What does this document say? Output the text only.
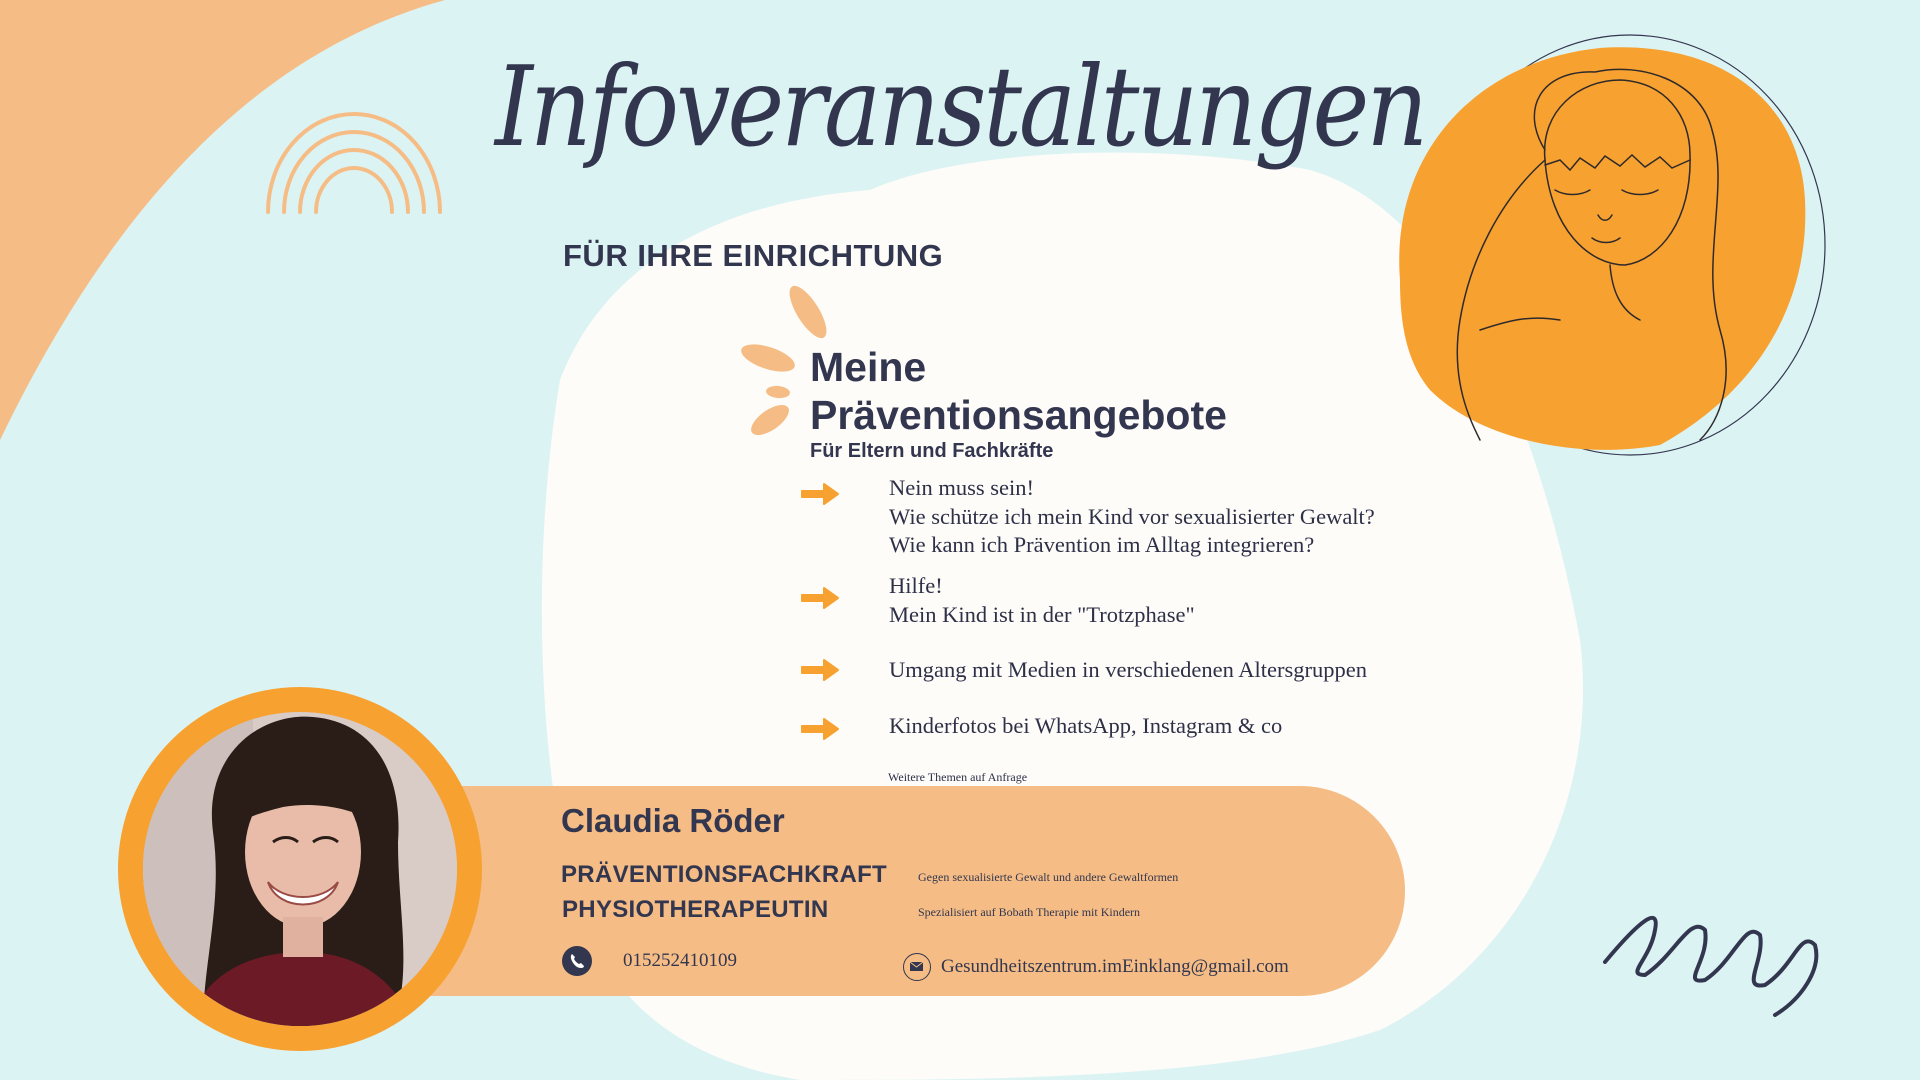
Infoveranstaltungen
FÜR IHRE EINRICHTUNG
Meine
Präventionsangebote
Für Eltern und Fachkräfte
Nein muss sein!
Wie schütze ich mein Kind vor sexualisierter Gewalt?
Wie kann ich Prävention im Alltag integrieren?
Hilfe!
Mein Kind ist in der "Trotzphase"
Umgang mit Medien in verschiedenen Altersgruppen
Kinderfotos bei WhatsApp, Instagram & co
Weitere Themen auf Anfrage
Claudia Röder
PRÄVENTIONSFACHKRAFT	Gegen sexualisierte Gewalt und andere Gewaltformen
PHYSIOTHERAPEUTIN	Spezialisiert auf Bobath Therapie mit Kindern
015252410109	Gesundheitszentrum.imEinklang@gmail.com
